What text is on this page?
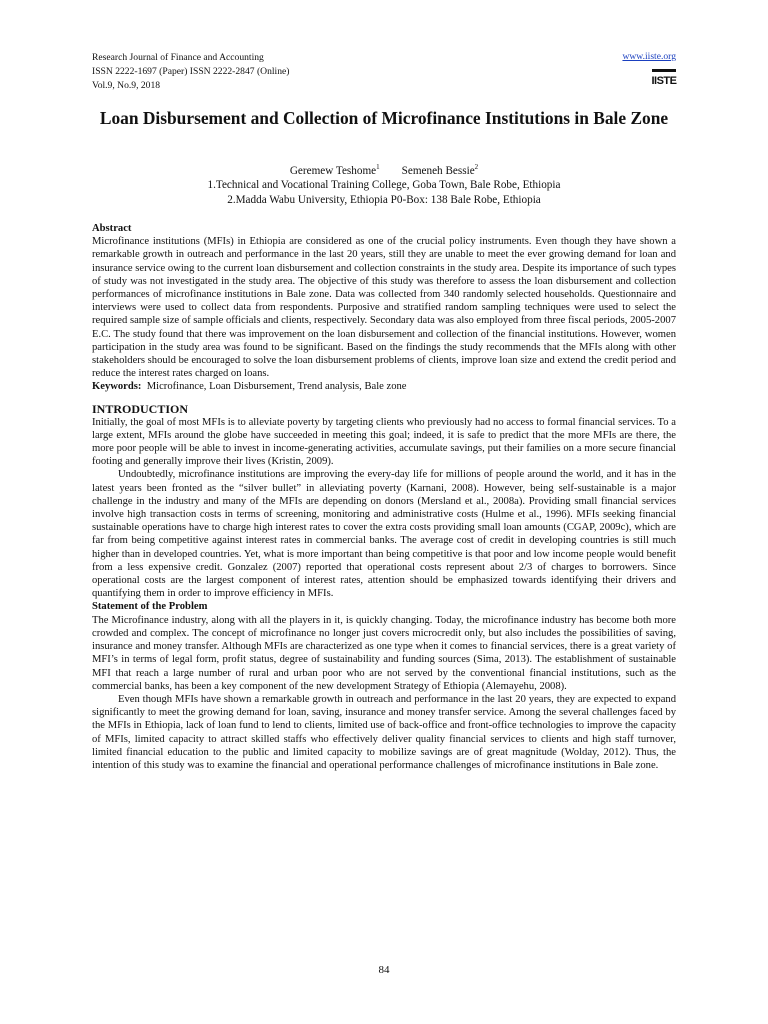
Research Journal of Finance and Accounting
ISSN 2222-1697 (Paper) ISSN 2222-2847 (Online)
Vol.9, No.9, 2018
www.iiste.org
IISTE
Loan Disbursement and Collection of Microfinance Institutions in Bale Zone
Geremew Teshome$^1$ Semeneh Bessie$^2$
1.Technical and Vocational Training College, Goba Town, Bale Robe, Ethiopia
2.Madda Wabu University, Ethiopia P0-Box: 138 Bale Robe, Ethiopia

Abstract

Microfinance institutions (MFIs) in Ethiopia are considered as one of the crucial policy instruments. Even though they have shown a remarkable growth in outreach and performance in the last 20 years, still they are unable to meet the ever growing demand for loan and insurance service owing to the current loan disbursement and collection constraints in the study area. Despite its importance of such types of study was not investigated in the study area. The objective of this study was therefore to assess the loan disbursement and collection performances of microfinance institutions in Bale zone. Data was collected from 340 randomly selected households. Questionnaire and interviews were used to collect data from respondents. Purposive and stratified random sampling techniques were used to select the required sample size of sample officials and clients, respectively. Secondary data was also employed from three fiscal periods, 2005-2007 E.C. The study found that there was improvement on the loan disbursement and collection of the financial institutions. However, women participation in the study area was found to be significant. Based on the findings the study recommends that the MFIs along with other stakeholders should be encouraged to solve the loan disbursement problems of clients, improve loan size and extend the credit period and reduce the interest rates charged on loans.

Keywords: Microfinance, Loan Disbursement, Trend analysis, Bale zone

INTRODUCTION

Initially, the goal of most MFIs is to alleviate poverty by targeting clients who previously had no access to formal financial services. To a large extent, MFIs around the globe have succeeded in meeting this goal; indeed, it is safe to predict that the more MFIs are there, the more poor people will be able to invest in income-generating activities, accumulate savings, put their families on a more secure financial footing and generally improve their lives (Kristin, 2009).

Undoubtedly, microfinance institutions are improving the every-day life for millions of people around the world, and it has in the latest years been fronted as the “silver bullet” in alleviating poverty (Karnani, 2008). However, being self-sustainable is a major challenge in the industry and many of the MFIs are depending on donors (Mersland et al., 2008a). Providing small financial services involve high transaction costs in terms of screening, monitoring and administrative costs (Hulme et al., 1996). MFIs seeking financial sustainable operations have to charge high interest rates to cover the extra costs providing small loan amounts (CGAP, 2009c), which are far from being competitive against interest rates in commercial banks. The average cost of credit in developing countries is still much higher than in developed countries. Yet, what is more important than being competitive is that poor and low income people would benefit from a less expensive credit. Gonzalez (2007) reported that operational costs represent about 2/3 of charges to borrowers. Since operational costs are the largest component of interest rates, attention should be emphasized towards identifying their drivers and quantifying them in order to improve efficiency in MFIs.

Statement of the Problem

The Microfinance industry, along with all the players in it, is quickly changing. Today, the microfinance industry has become both more crowded and complex. The concept of microfinance no longer just covers microcredit only, but also includes the possibilities of saving, insurance and money transfer. Although MFIs are characterized as one type when it comes to financial services, there is a great variety of MFI’s in terms of legal form, profit status, degree of sustainability and funding sources (Sima, 2013). The establishment of sustainable MFI that reach a large number of rural and urban poor who are not served by the conventional financial institutions, such as the commercial banks, has been a key component of the new development Strategy of Ethiopia (Alemayehu, 2008).

Even though MFIs have shown a remarkable growth in outreach and performance in the last 20 years, they are expected to expand significantly to meet the growing demand for loan, saving, insurance and money transfer service. Among the several challenges faced by the MFIs in Ethiopia, lack of loan fund to lend to clients, limited use of back-office and front-office technologies to improve the capacity of MFIs, limited capacity to attract skilled staffs who effectively deliver quality financial services to clients and high staff turnover, limited financial education to the public and limited capacity to mobilize savings are of great magnitude (Wolday, 2012). Thus, the intention of this study was to examine the financial and operational performance challenges of microfinance institutions in Bale zone.

84
